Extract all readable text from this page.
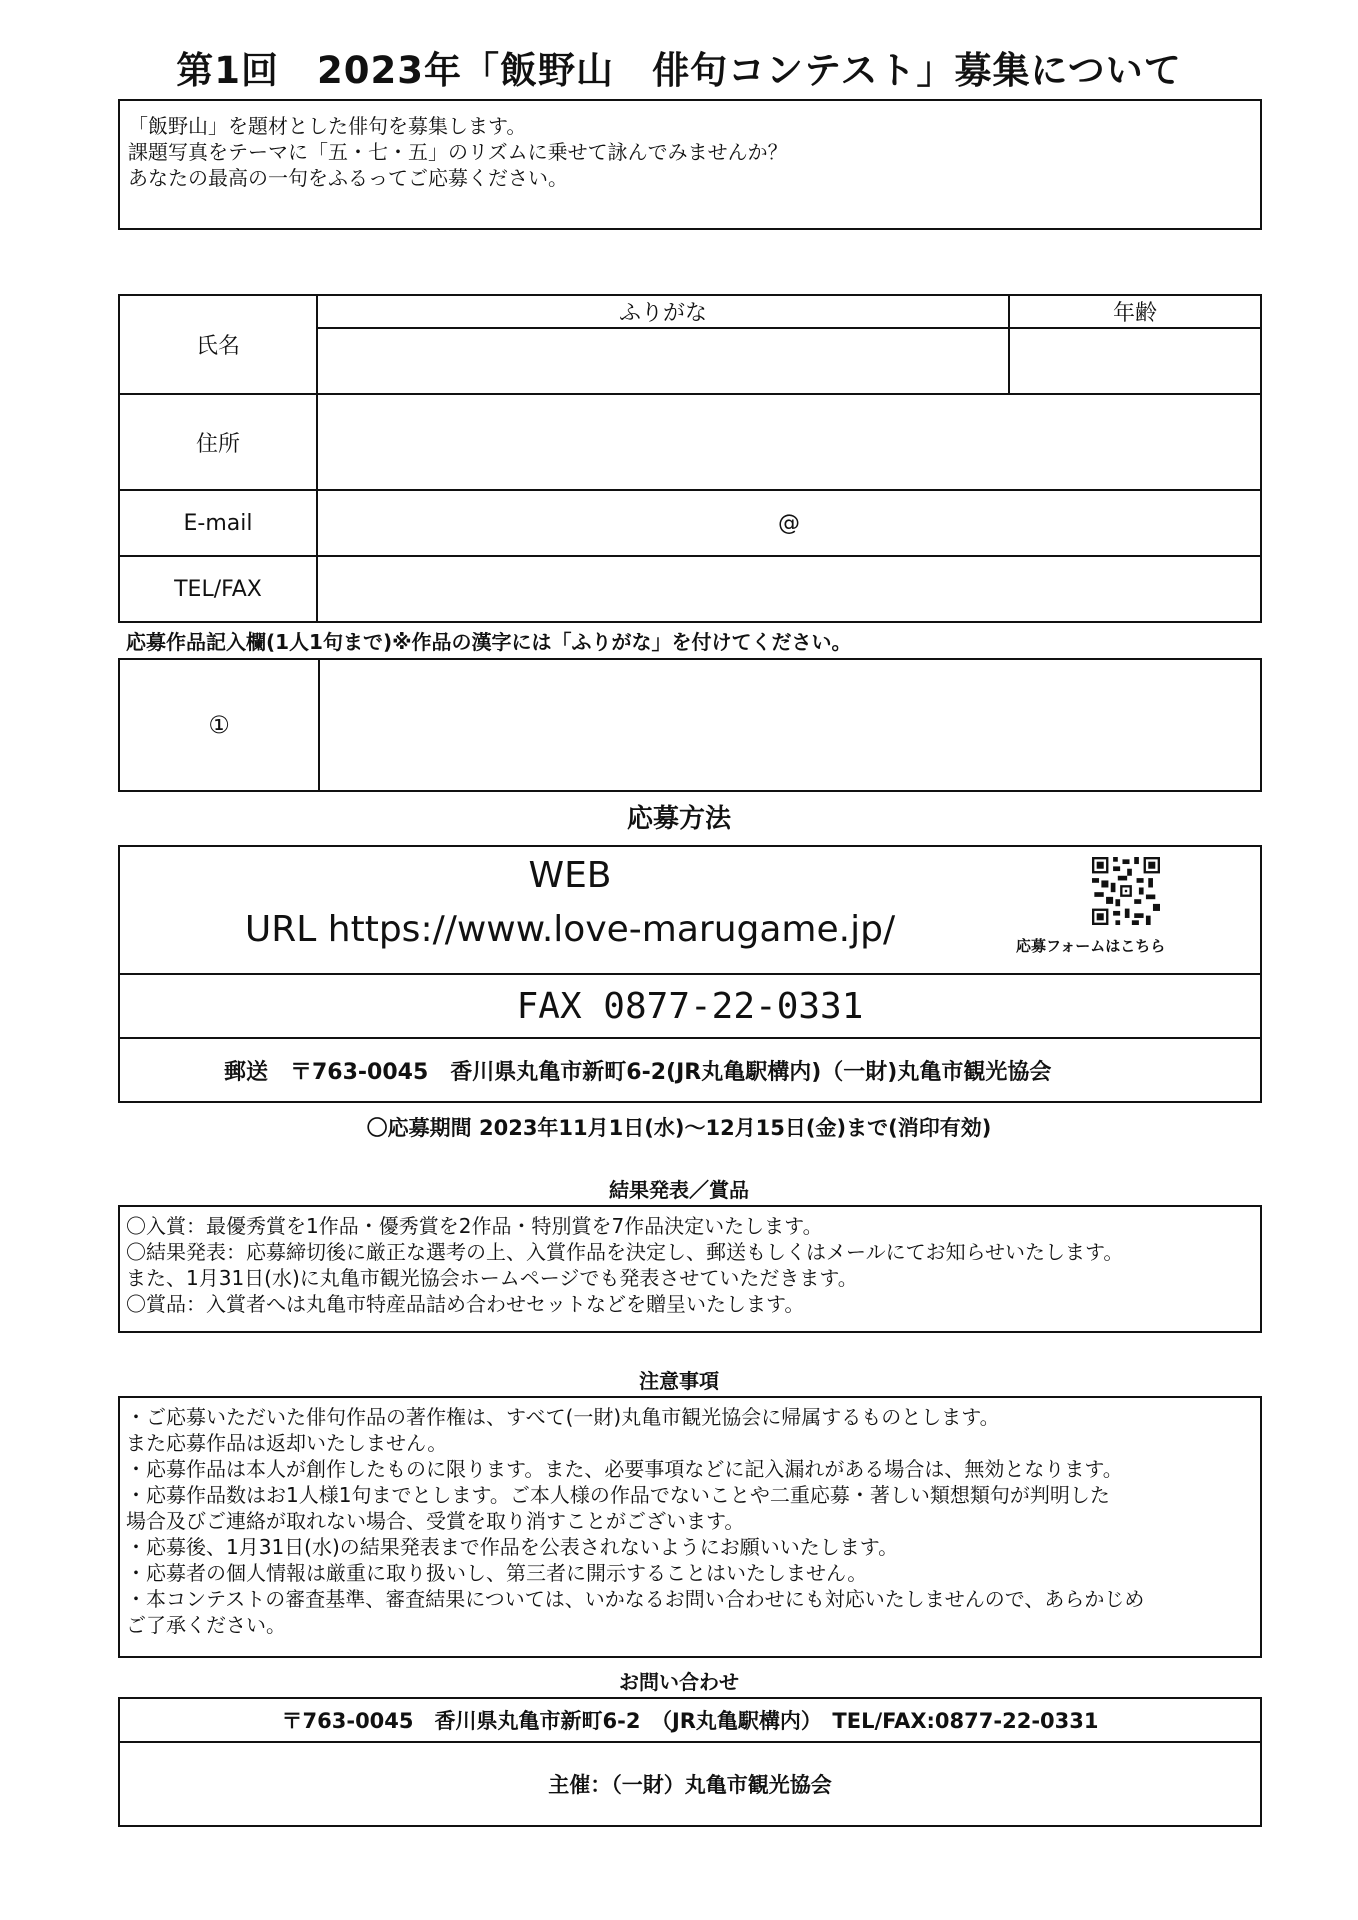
第1回　2023年「飯野山　俳句コンテスト」募集について
「飯野山」を題材とした俳句を募集します。
課題写真をテーマに「五・七・五」のリズムに乗せて詠んでみませんか？
あなたの最高の一句をふるってご応募ください。
氏名	ふりがな	年齢

住所		
E-mail	@	
TEL/FAX		
応募作品記入欄(1人1句まで)※作品の漢字には「ふりがな」を付けてください。
①	
応募方法
WEB
URL https://www.love-marugame.jp/	応募フォームはこちら

FAX 0877-22-0331
郵送　〒763-0045　香川県丸亀市新町6-2(JR丸亀駅構内)（一財)丸亀市観光協会
〇応募期間 2023年11月1日(水)～12月15日(金)まで(消印有効)
結果発表／賞品
〇入賞：最優秀賞を1作品・優秀賞を2作品・特別賞を7作品決定いたします。
〇結果発表：応募締切後に厳正な選考の上、入賞作品を決定し、郵送もしくはメールにてお知らせいたします。
また、1月31日(水)に丸亀市観光協会ホームページでも発表させていただきます。
〇賞品：入賞者へは丸亀市特産品詰め合わせセットなどを贈呈いたします。
注意事項
・ご応募いただいた俳句作品の著作権は、すべて(一財)丸亀市観光協会に帰属するものとします。
また応募作品は返却いたしません。
・応募作品は本人が創作したものに限ります。また、必要事項などに記入漏れがある場合は、無効となります。
・応募作品数はお1人様1句までとします。ご本人様の作品でないことや二重応募・著しい類想類句が判明した
場合及びご連絡が取れない場合、受賞を取り消すことがございます。
・応募後、1月31日(水)の結果発表まで作品を公表されないようにお願いいたします。
・応募者の個人情報は厳重に取り扱いし、第三者に開示することはいたしません。
・本コンテストの審査基準、審査結果については、いかなるお問い合わせにも対応いたしませんので、あらかじめ
ご了承ください。
お問い合わせ
〒763-0045　香川県丸亀市新町6-2　（JR丸亀駅構内）　TEL/FAX:0877-22-0331
主催：（一財）丸亀市観光協会
